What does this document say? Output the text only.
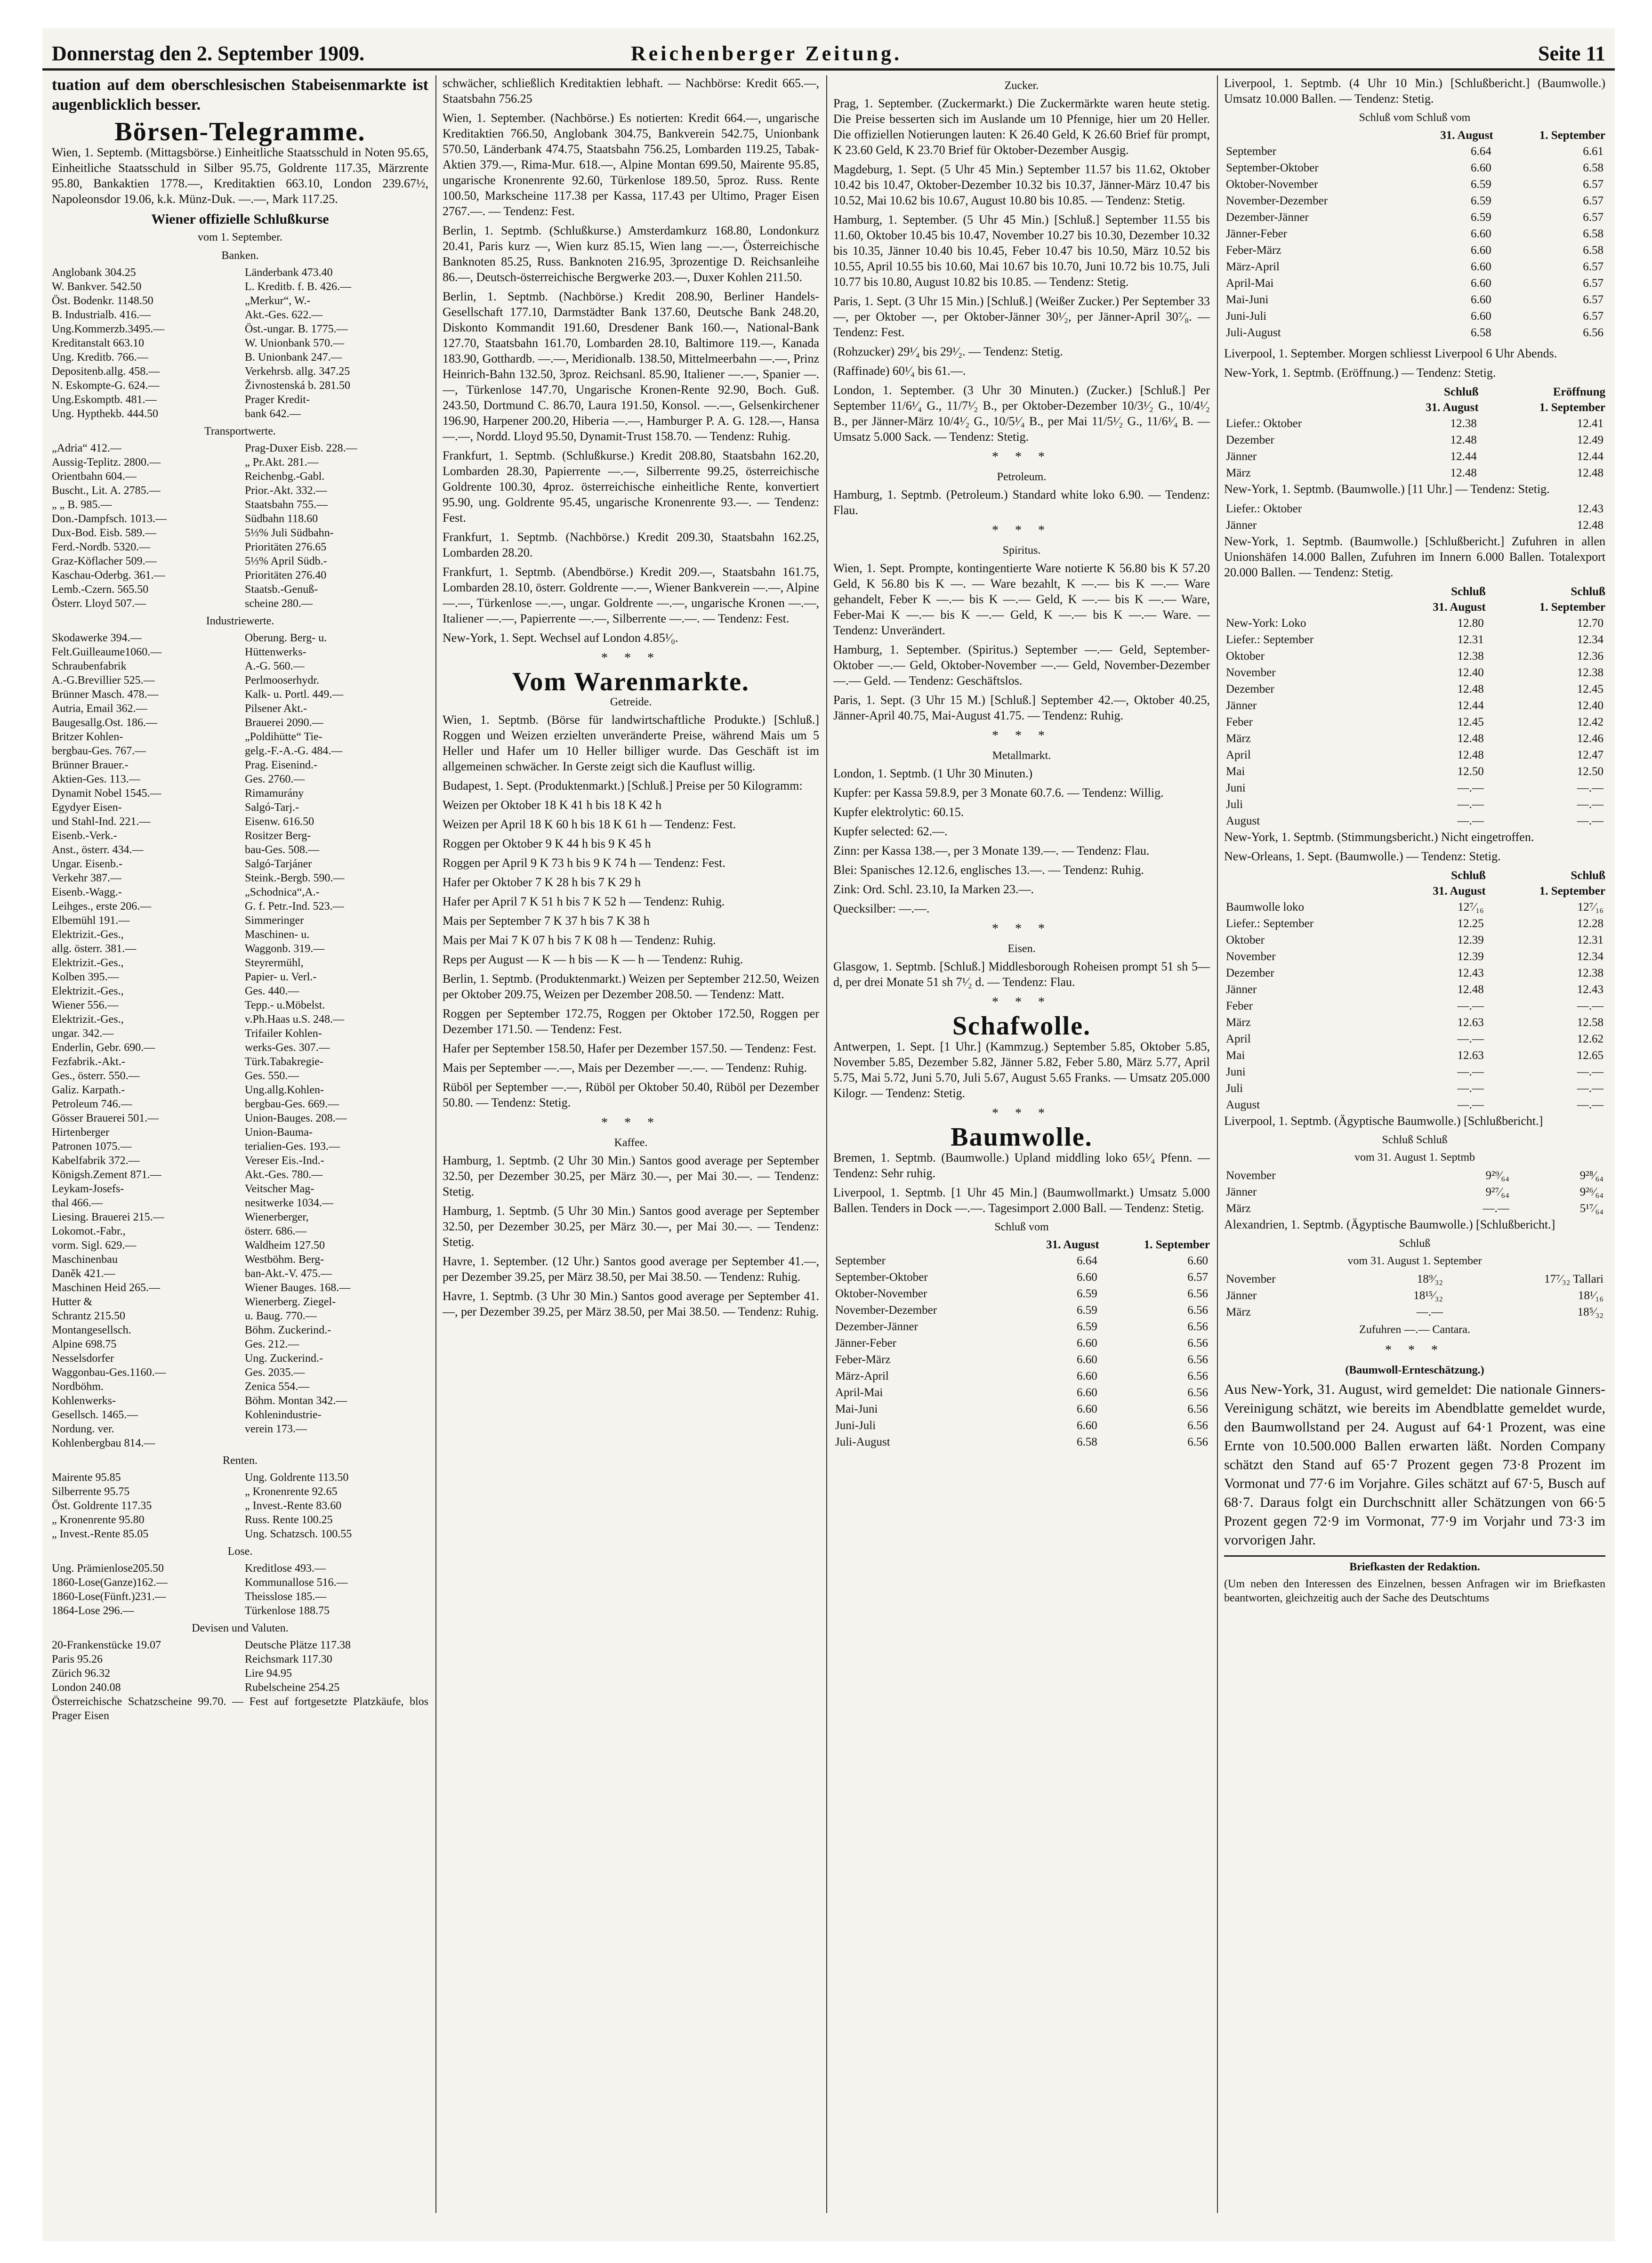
Donnerstag den 2. September 1909.	Reichenberger Zeitung.	Seite 11

tuation auf dem oberschlesischen Stabeisenmarkte ist augenblicklich besser.

Börsen-Telegramme.

Wien, 1. Septemb. (Mittagsbörse.) Einheitliche Staatsschuld in Noten 95.65, Einheitliche Staatsschuld in Silber 95.75, Goldrente 117.35, Märzrente 95.80, Bankaktien 1778.—, Kreditaktien 663.10, London 239.67½, Napoleonsdor 19.06, k.k. Münz-Duk. —.—, Mark 117.25.

Wiener offizielle Schlußkurse
vom 1. September.
Banken.
Anglobank 304.25	Länderbank 473.40
W. Bankver. 542.50	L. Kreditb. f. B. 426.—
Öst. Bodenkr. 1148.50	„Merkur“, W.-
B. Industrialb. 416.—	Akt.-Ges. 622.—
Ung.Kommerzb.3495.—	Öst.-ungar. B. 1775.—
Kreditanstalt 663.10	W. Unionbank 570.—
Ung. Kreditb. 766.—	B. Unionbank 247.—
Depositenb.allg. 458.—	Verkehrsb. allg. 347.25
N. Eskompte-G. 624.—	Živnostenská b. 281.50
Ung.Eskomptb. 481.—	Prager Kredit-
Ung. Hypthekb. 444.50	bank 642.—
Transportwerte.
„Adria“ 412.—	Prag-Duxer Eisb. 228.—
Aussig-Teplitz. 2800.—	„ Pr.Akt. 281.—
Orientbahn 604.—	Reichenbg.-Gabl.
Buscht., Lit. A. 2785.—	Prior.-Akt. 332.—
„ „ B. 985.—	Staatsbahn 755.—
Don.-Dampfsch. 1013.—	Südbahn 118.60
Dux-Bod. Eisb. 589.—	5⅓% Juli Südbahn-
Ferd.-Nordb. 5320.—	Prioritäten 276.65
Graz-Köflacher 509.—	5⅓% April Südb.-
Kaschau-Oderbg. 361.—	Prioritäten 276.40
Lemb.-Czern. 565.50	Staatsb.-Genuß-
Österr. Lloyd 507.—	scheine 280.—
Industriewerte.
Skodawerke 394.—	Oberung. Berg- u.
Felt.Guilleaume1060.—	Hüttenwerks-
Schraubenfabrik	A.-G. 560.—
A.-G.Brevillier 525.—	Perlmooserhydr.
Brünner Masch. 478.—	Kalk- u. Portl. 449.—
Autria, Email 362.—	Pilsener Akt.-
Baugesallg.Ost. 186.—	Brauerei 2090.—
Britzer Kohlen-	„Poldihütte“ Tie-
bergbau-Ges. 767.—	gelg.-F.-A.-G. 484.—
Brünner Brauer.-	Prag. Eisenind.-
Aktien-Ges. 113.—	Ges. 2760.—
Dynamit Nobel 1545.—	Rimamurány
Egydyer Eisen-	Salgó-Tarj.-
und Stahl-Ind. 221.—	Eisenw. 616.50
Eisenb.-Verk.-	Rositzer Berg-
Anst., österr. 434.—	bau-Ges. 508.—
Ungar. Eisenb.-	Salgó-Tarjáner
Verkehr 387.—	Steink.-Bergb. 590.—
Eisenb.-Wagg.-	„Schodnica“,A.-
Leihges., erste 206.—	G. f. Petr.-Ind. 523.—
Elbemühl 191.—	Simmeringer
Elektrizit.-Ges.,	Maschinen- u.
allg. österr. 381.—	Waggonb. 319.—
Elektrizit.-Ges.,	Steyrermühl,
Kolben 395.—	Papier- u. Verl.-
Elektrizit.-Ges.,	Ges. 440.—
Wiener 556.—	Tepp.- u.Möbelst.
Elektrizit.-Ges.,	v.Ph.Haas u.S. 248.—
ungar. 342.—	Trifailer Kohlen-
Enderlin, Gebr. 690.—	werks-Ges. 307.—
Fezfabrik.-Akt.-	Türk.Tabakregie-
Ges., österr. 550.—	Ges. 550.—
Galiz. Karpath.-	Ung.allg.Kohlen-
Petroleum 746.—	bergbau-Ges. 669.—
Gösser Brauerei 501.—	Union-Bauges. 208.—
Hirtenberger	Union-Bauma-
Patronen 1075.—	terialien-Ges. 193.—
Kabelfabrik 372.—	Vereser Eis.-Ind.-
Königsh.Zement 871.—	Akt.-Ges. 780.—
Leykam-Josefs-	Veitscher Mag-
thal 466.—	nesitwerke 1034.—
Liesing. Brauerei 215.—	Wienerberger,
Lokomot.-Fabr.,	österr. 686.—
vorm. Sigl. 629.—	Waldheim 127.50
Maschinenbau	Westböhm. Berg-
Daněk 421.—	ban-Akt.-V. 475.—
Maschinen Heid 265.—	Wiener Bauges. 168.—
Hutter &	Wienerberg. Ziegel-
Schrantz 215.50	u. Baug. 770.—
Montangesellsch.	Böhm. Zuckerind.-
Alpine 698.75	Ges. 212.—
Nesselsdorfer	Ung. Zuckerind.-
Waggonbau-Ges.1160.—	Ges. 2035.—
Nordböhm.	Zenica 554.—
Kohlenwerks-	Böhm. Montan 342.—
Gesellsch. 1465.—	Kohlenindustrie-
Nordung. ver.	verein 173.—
Kohlenbergbau 814.—
Renten.
Mairente 95.85	Ung. Goldrente 113.50
Silberrente 95.75	„ Kronenrente 92.65
Öst. Goldrente 117.35	„ Invest.-Rente 83.60
„ Kronenrente 95.80	Russ. Rente 100.25
„ Invest.-Rente 85.05	Ung. Schatzsch. 100.55
Lose.
Ung. Prämienlose205.50	Kreditlose 493.—
1860-Lose(Ganze)162.—	Kommunallose 516.—
1860-Lose(Fünft.)231.—	Theisslose 185.—
1864-Lose 296.—	Türkenlose 188.75
Devisen und Valuten.
20-Frankenstücke 19.07	Deutsche Plätze 117.38
Paris 95.26	Reichsmark 117.30
Zürich 96.32	Lire 94.95
London 240.08	Rubelscheine 254.25

Österreichische Schatzscheine 99.70. — Fest auf fortgesetzte Platzkäufe, blos Prager Eisen

schwächer, schließlich Kreditaktien lebhaft. — Nachbörse: Kredit 665.—, Staatsbahn 756.25

Wien, 1. September. (Nachbörse.) Es notierten: Kredit 664.—, ungarische Kreditaktien 766.50, Anglobank 304.75, Bankverein 542.75, Unionbank 570.50, Länderbank 474.75, Staatsbahn 756.25, Lombarden 119.25, Tabak-Aktien 379.—, Rima-Mur. 618.—, Alpine Montan 699.50, Mairente 95.85, ungarische Kronenrente 92.60, Türkenlose 189.50, 5proz. Russ. Rente 100.50, Markscheine 117.38 per Kassa, 117.43 per Ultimo, Prager Eisen 2767.—. — Tendenz: Fest.

Berlin, 1. Septmb. (Schlußkurse.) Amsterdamkurz 168.80, Londonkurz 20.41, Paris kurz —, Wien kurz 85.15, Wien lang —.—, Österreichische Banknoten 85.25, Russ. Banknoten 216.95, 3prozentige D. Reichsanleihe 86.—, Deutsch-österreichische Bergwerke 203.—, Duxer Kohlen 211.50.

Berlin, 1. Septmb. (Nachbörse.) Kredit 208.90, Berliner Handels-Gesellschaft 177.10, Darmstädter Bank 137.60, Deutsche Bank 248.20, Diskonto Kommandit 191.60, Dresdener Bank 160.—, National-Bank 127.70, Staatsbahn 161.70, Lombarden 28.10, Baltimore 119.—, Kanada 183.90, Gotthardb. —.—, Meridionalb. 138.50, Mittelmeerbahn —.—, Prinz Heinrich-Bahn 132.50, 3proz. Reichsanl. 85.90, Italiener —.—, Spanier —.—, Türkenlose 147.70, Ungarische Kronen-Rente 92.90, Boch. Guß. 243.50, Dortmund C. 86.70, Laura 191.50, Konsol. —.—, Gelsenkirchener 196.90, Harpener 200.20, Hiberia —.—, Hamburger P. A. G. 128.—, Hansa —.—, Nordd. Lloyd 95.50, Dynamit-Trust 158.70. — Tendenz: Ruhig.

Frankfurt, 1. Septmb. (Schlußkurse.) Kredit 208.80, Staatsbahn 162.20, Lombarden 28.30, Papierrente —.—, Silberrente 99.25, österreichische Goldrente 100.30, 4proz. österreichische einheitliche Rente, konvertiert 95.90, ung. Goldrente 95.45, ungarische Kronenrente 93.—. — Tendenz: Fest.

Frankfurt, 1. Septmb. (Nachbörse.) Kredit 209.30, Staatsbahn 162.25, Lombarden 28.20.

Frankfurt, 1. Septmb. (Abendbörse.) Kredit 209.—, Staatsbahn 161.75, Lombarden 28.10, österr. Goldrente —.—, Wiener Bankverein —.—, Alpine —.—, Türkenlose —.—, ungar. Goldrente —.—, ungarische Kronen —.—, Italiener —.—, Papierrente —.—, Silberrente —.—. — Tendenz: Fest.

New-York, 1. Sept. Wechsel auf London 4.85¹⁄₀.

* * *
Vom Warenmarkte.
Getreide.

Wien, 1. Septmb. (Börse für landwirtschaftliche Produkte.) [Schluß.] Roggen und Weizen erzielten unveränderte Preise, während Mais um 5 Heller und Hafer um 10 Heller billiger wurde. Das Geschäft ist im allgemeinen schwächer. In Gerste zeigt sich die Kauflust willig.

Budapest, 1. Sept. (Produktenmarkt.) [Schluß.] Preise per 50 Kilogramm:

Weizen per Oktober 18 K 41 h bis 18 K 42 h

Weizen per April 18 K 60 h bis 18 K 61 h — Tendenz: Fest.

Roggen per Oktober 9 K 44 h bis 9 K 45 h

Roggen per April 9 K 73 h bis 9 K 74 h — Tendenz: Fest.

Hafer per Oktober 7 K 28 h bis 7 K 29 h

Hafer per April 7 K 51 h bis 7 K 52 h — Tendenz: Ruhig.

Mais per September 7 K 37 h bis 7 K 38 h

Mais per Mai 7 K 07 h bis 7 K 08 h — Tendenz: Ruhig.

Reps per August — K — h bis — K — h — Tendenz: Ruhig.

Berlin, 1. Septmb. (Produktenmarkt.) Weizen per September 212.50, Weizen per Oktober 209.75, Weizen per Dezember 208.50. — Tendenz: Matt.

Roggen per September 172.75, Roggen per Oktober 172.50, Roggen per Dezember 171.50. — Tendenz: Fest.

Hafer per September 158.50, Hafer per Dezember 157.50. — Tendenz: Fest.

Mais per September —.—, Mais per Dezember —.—. — Tendenz: Ruhig.

Rüböl per September —.—, Rüböl per Oktober 50.40, Rüböl per Dezember 50.80. — Tendenz: Stetig.

* * *
Kaffee.

Hamburg, 1. Septmb. (2 Uhr 30 Min.) Santos good average per September 32.50, per Dezember 30.25, per März 30.—, per Mai 30.—. — Tendenz: Stetig.

Hamburg, 1. Septmb. (5 Uhr 30 Min.) Santos good average per September 32.50, per Dezember 30.25, per März 30.—, per Mai 30.—. — Tendenz: Stetig.

Havre, 1. September. (12 Uhr.) Santos good average per September 41.—, per Dezember 39.25, per März 38.50, per Mai 38.50. — Tendenz: Ruhig.

Havre, 1. Septmb. (3 Uhr 30 Min.) Santos good average per September 41.—, per Dezember 39.25, per März 38.50, per Mai 38.50. — Tendenz: Ruhig.

Zucker.

Prag, 1. September. (Zuckermarkt.) Die Zuckermärkte waren heute stetig. Die Preise besserten sich im Auslande um 10 Pfennige, hier um 20 Heller. Die offiziellen Notierungen lauten: K 26.40 Geld, K 26.60 Brief für prompt, K 23.60 Geld, K 23.70 Brief für Oktober-Dezember Ausgig.

Magdeburg, 1. Sept. (5 Uhr 45 Min.) September 11.57 bis 11.62, Oktober 10.42 bis 10.47, Oktober-Dezember 10.32 bis 10.37, Jänner-März 10.47 bis 10.52, Mai 10.62 bis 10.67, August 10.80 bis 10.85. — Tendenz: Stetig.

Hamburg, 1. September. (5 Uhr 45 Min.) [Schluß.] September 11.55 bis 11.60, Oktober 10.45 bis 10.47, November 10.27 bis 10.30, Dezember 10.32 bis 10.35, Jänner 10.40 bis 10.45, Feber 10.47 bis 10.50, März 10.52 bis 10.55, April 10.55 bis 10.60, Mai 10.67 bis 10.70, Juni 10.72 bis 10.75, Juli 10.77 bis 10.80, August 10.82 bis 10.85. — Tendenz: Stetig.

Paris, 1. Sept. (3 Uhr 15 Min.) [Schluß.] (Weißer Zucker.) Per September 33—, per Oktober —, per Oktober-Jänner 30¹⁄₂, per Jänner-April 30⁷⁄₈. — Tendenz: Fest.

(Rohzucker) 29¹⁄₄ bis 29¹⁄₂. — Tendenz: Stetig.

(Raffinade) 60¹⁄₄ bis 61.—.

London, 1. September. (3 Uhr 30 Minuten.) (Zucker.) [Schluß.] Per September 11/6¹⁄₄ G., 11/7¹⁄₂ B., per Oktober-Dezember 10/3¹⁄₂ G., 10/4¹⁄₂ B., per Jänner-März 10/4¹⁄₂ G., 10/5¹⁄₄ B., per Mai 11/5¹⁄₂ G., 11/6¹⁄₄ B. — Umsatz 5.000 Sack. — Tendenz: Stetig.

* * *
Petroleum.

Hamburg, 1. Septmb. (Petroleum.) Standard white loko 6.90. — Tendenz: Flau.

* * *
Spiritus.

Wien, 1. Sept. Prompte, kontingentierte Ware notierte K 56.80 bis K 57.20 Geld, K 56.80 bis K —. — Ware bezahlt, K —.— bis K —.— Ware gehandelt, Feber K —.— bis K —.— Geld, K —.— bis K —.— Ware, Feber-Mai K —.— bis K —.— Geld, K —.— bis K —.— Ware. — Tendenz: Unverändert.

Hamburg, 1. September. (Spiritus.) September —.— Geld, September-Oktober —.— Geld, Oktober-November —.— Geld, November-Dezember —.— Geld. — Tendenz: Geschäftslos.

Paris, 1. Sept. (3 Uhr 15 M.) [Schluß.] September 42.—, Oktober 40.25, Jänner-April 40.75, Mai-August 41.75. — Tendenz: Ruhig.

* * *
Metallmarkt.

London, 1. Septmb. (1 Uhr 30 Minuten.)

Kupfer: per Kassa 59.8.9, per 3 Monate 60.7.6. — Tendenz: Willig.

Kupfer elektrolytic: 60.15.

Kupfer selected: 62.—.

Zinn: per Kassa 138.—, per 3 Monate 139.—. — Tendenz: Flau.

Blei: Spanisches 12.12.6, englisches 13.—. — Tendenz: Ruhig.

Zink: Ord. Schl. 23.10, Ia Marken 23.—.

Quecksilber: —.—.

* * *
Eisen.

Glasgow, 1. Septmb. [Schluß.] Middlesborough Roheisen prompt 51 sh 5— d, per drei Monate 51 sh 7¹⁄₂ d. — Tendenz: Flau.

* * *
Schafwolle.

Antwerpen, 1. Sept. [1 Uhr.] (Kammzug.) September 5.85, Oktober 5.85, November 5.85, Dezember 5.82, Jänner 5.82, Feber 5.80, März 5.77, April 5.75, Mai 5.72, Juni 5.70, Juli 5.67, August 5.65 Franks. — Umsatz 205.000 Kilogr. — Tendenz: Stetig.

* * *
Baumwolle.

Bremen, 1. Septmb. (Baumwolle.) Upland middling loko 65¹⁄₄ Pfenn. — Tendenz: Sehr ruhig.

Liverpool, 1. Septmb. [1 Uhr 45 Min.] (Baumwollmarkt.) Umsatz 5.000 Ballen. Tenders in Dock —.—. Tagesimport 2.000 Ball. — Tendenz: Stetig.

Schluß vom
	31. August	1. September
September	6.64	6.60
September-Oktober	6.60	6.57
Oktober-November	6.59	6.56
November-Dezember	6.59	6.56
Dezember-Jänner	6.59	6.56
Jänner-Feber	6.60	6.56
Feber-März	6.60	6.56
März-April	6.60	6.56
April-Mai	6.60	6.56
Mai-Juni	6.60	6.56
Juni-Juli	6.60	6.56
Juli-August	6.58	6.56

Liverpool, 1. Septmb. (4 Uhr 10 Min.) [Schlußbericht.] (Baumwolle.) Umsatz 10.000 Ballen. — Tendenz: Stetig.

Schluß vom Schluß vom
	31. August	1. September
September	6.64	6.61
September-Oktober	6.60	6.58
Oktober-November	6.59	6.57
November-Dezember	6.59	6.57
Dezember-Jänner	6.59	6.57
Jänner-Feber	6.60	6.58
Feber-März	6.60	6.58
März-April	6.60	6.57
April-Mai	6.60	6.57
Mai-Juni	6.60	6.57
Juni-Juli	6.60	6.57
Juli-August	6.58	6.56

Liverpool, 1. September. Morgen schliesst Liverpool 6 Uhr Abends.

New-York, 1. Septmb. (Eröffnung.) — Tendenz: Stetig.

	Schluß	Eröffnung
	31. August	1. September
Liefer.: Oktober	12.38	12.41
Dezember	12.48	12.49
Jänner	12.44	12.44
März	12.48	12.48

New-York, 1. Septmb. (Baumwolle.) [11 Uhr.] — Tendenz: Stetig.

Liefer.: Oktober	12.43
Jänner	12.48

New-York, 1. Septmb. (Baumwolle.) [Schlußbericht.] Zufuhren in allen Unionshäfen 14.000 Ballen, Zufuhren im Innern 6.000 Ballen. Totalexport 20.000 Ballen. — Tendenz: Stetig.

	Schluß	Schluß
	31. August	1. September
New-York: Loko	12.80	12.70
Liefer.: September	12.31	12.34
Oktober	12.38	12.36
November	12.40	12.38
Dezember	12.48	12.45
Jänner	12.44	12.40
Feber	12.45	12.42
März	12.48	12.46
April	12.48	12.47
Mai	12.50	12.50
Juni	—.—	—.—
Juli	—.—	—.—
August	—.—	—.—

New-York, 1. Septmb. (Stimmungsbericht.) Nicht eingetroffen.

New-Orleans, 1. Sept. (Baumwolle.) — Tendenz: Stetig.

	Schluß	Schluß
	31. August	1. September
Baumwolle loko	12⁷⁄₁₆	12⁷⁄₁₆
Liefer.: September	12.25	12.28
Oktober	12.39	12.31
November	12.39	12.34
Dezember	12.43	12.38
Jänner	12.48	12.43
Feber	—.—	—.—
März	12.63	12.58
April	—.—	12.62
Mai	12.63	12.65
Juni	—.—	—.—
Juli	—.—	—.—
August	—.—	—.—

Liverpool, 1. Septmb. (Ägyptische Baumwolle.) [Schlußbericht.]

Schluß Schluß
vom 31. August 1. Septmb
November	9²⁹⁄₆₄	9²⁸⁄₆₄
Jänner	9²⁷⁄₆₄	9²⁶⁄₆₄
März	—.—	5¹⁷⁄₆₄

Alexandrien, 1. Septmb. (Ägyptische Baumwolle.) [Schlußbericht.]

Schluß
vom 31. August 1. September
November	18⁹⁄₃₂	17⁷⁄₃₂ Tallari
Jänner	18¹⁵⁄₃₂	18¹⁄₁₆
März	—.—	18⁵⁄₃₂

Zufuhren —.— Cantara.

* * *
(Baumwoll-Ernteschätzung.)

Aus New-York, 31. August, wird gemeldet: Die nationale Ginners-Vereinigung schätzt, wie bereits im Abendblatte gemeldet wurde, den Baumwollstand per 24. August auf 64·1 Prozent, was eine Ernte von 10.500.000 Ballen erwarten läßt. Norden Company schätzt den Stand auf 65·7 Prozent gegen 73·8 Prozent im Vormonat und 77·6 im Vorjahre. Giles schätzt auf 67·5, Busch auf 68·7. Daraus folgt ein Durchschnitt aller Schätzungen von 66·5 Prozent gegen 72·9 im Vormonat, 77·9 im Vorjahr und 73·3 im vorvorigen Jahr.

Briefkasten der Redaktion.

(Um neben den Interessen des Einzelnen, bessen Anfragen wir im Briefkasten beantworten, gleichzeitig auch der Sache des Deutschtums
